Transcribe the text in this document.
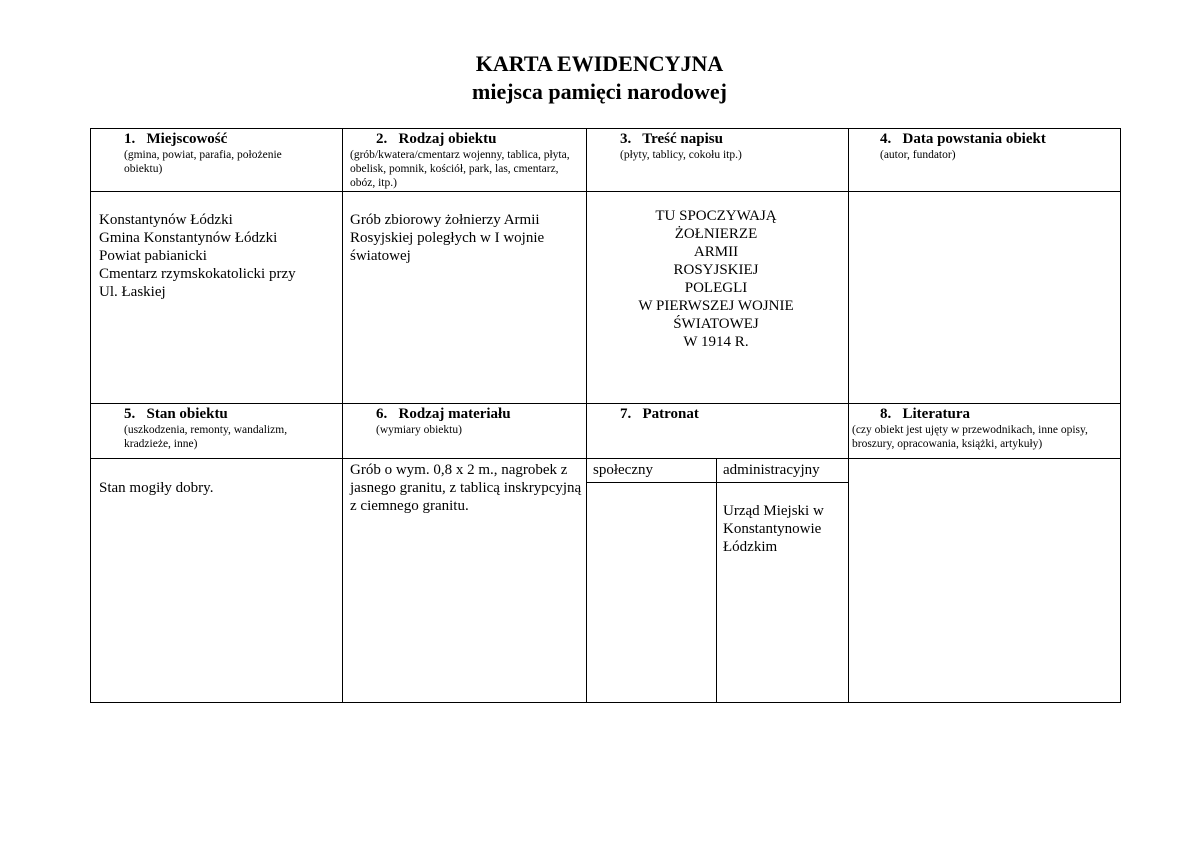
KARTA EWIDENCYJNA
miejsca pamięci narodowej
1. Miejscowość
(gmina, powiat, parafia, położenie obiektu)
2. Rodzaj obiektu
(grób/kwatera/cmentarz wojenny, tablica, płyta, obelisk, pomnik, kościół, park, las, cmentarz, obóz, itp.)
3. Treść napisu
(płyty, tablicy, cokołu itp.)
4. Data powstania obiekt
(autor, fundator)
Konstantynów Łódzki
Gmina Konstantynów Łódzki
Powiat pabianicki
Cmentarz rzymskokatolicki przy
Ul. Łaskiej
Grób zbiorowy żołnierzy Armii Rosyjskiej poległych w I wojnie światowej
TU SPOCZYWAJĄ
ŻOŁNIERZE
ARMII
ROSYJSKIEJ
POLEGLI
W PIERWSZEJ WOJNIE
ŚWIATOWEJ
W 1914 R.
5. Stan obiektu
(uszkodzenia, remonty, wandalizm, kradzieże, inne)
6. Rodzaj materiału
(wymiary obiektu)
7. Patronat	8. Literatura
(czy obiekt jest ujęty w przewodnikach, inne opisy, broszury, opracowania, książki, artykuły)
Stan mogiły dobry.
Grób o wym. 0,8 x 2 m., nagrobek z jasnego granitu, z tablicą inskrypcyjną z ciemnego granitu.
społeczny	administracyjny
Urząd Miejski w
Konstantynowie
Łódzkim
